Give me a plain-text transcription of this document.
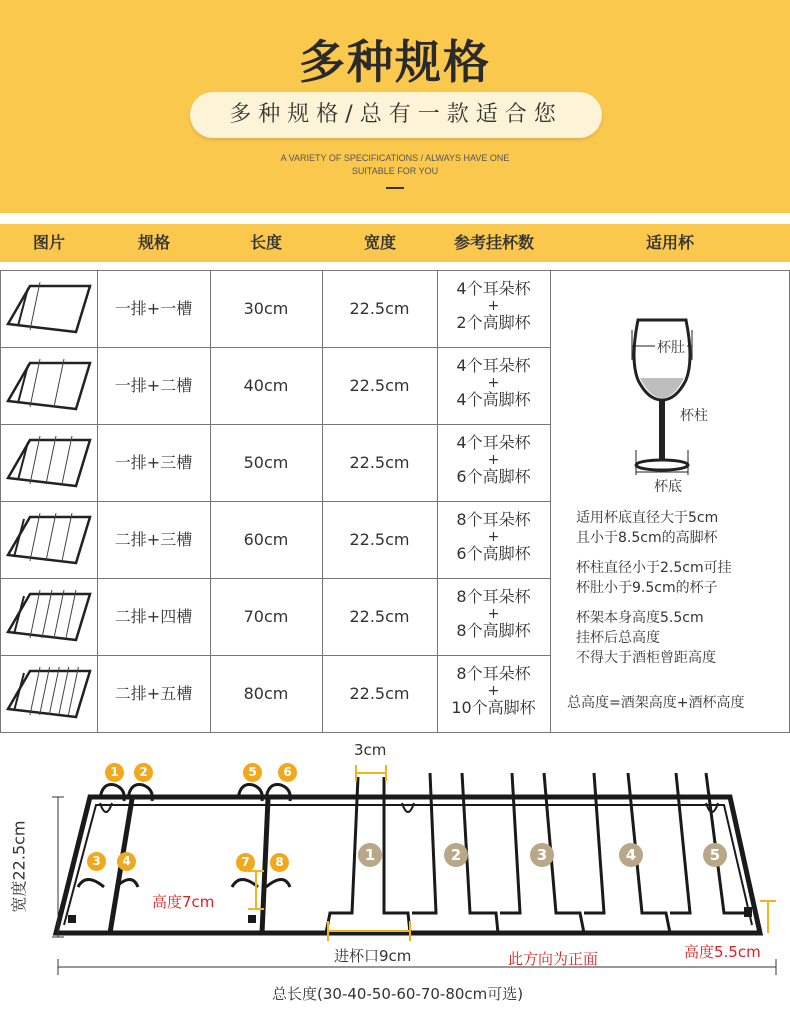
多种规格
多种规格/总有一款适合您
A VARIETY OF SPECIFICATIONS / ALWAYS HAVE ONE
SUITABLE FOR YOU
图片	规格	长度	宽度	参考挂杯数	适用杯
一排+一槽	30cm	22.5cm
4个耳朵杯
+
2个高脚杯
一排+二槽	40cm	22.5cm
4个耳朵杯
+
4个高脚杯
一排+三槽	50cm	22.5cm
4个耳朵杯
+
6个高脚杯
二排+三槽	60cm	22.5cm
8个耳朵杯
+
6个高脚杯
二排+四槽	70cm	22.5cm
8个耳朵杯
+
8个高脚杯
二排+五槽	80cm	22.5cm
8个耳朵杯
+
10个高脚杯
杯肚
杯柱
杯底
适用杯底直径大于5cm
且小于8.5cm的高脚杯
杯柱直径小于2.5cm可挂
杯肚小于9.5cm的杯子
杯架本身高度5.5cm
挂杯后总高度
不得大于酒柜曾距高度
总高度=酒架高度+酒杯高度
1	2
3	4
5	6
7	8	1	2	3	4	5
3cm
宽度22.5cm	高度7cm
进杯口9cm	此方向为正面	高度5.5cm
总长度(30-40-50-60-70-80cm可选)
